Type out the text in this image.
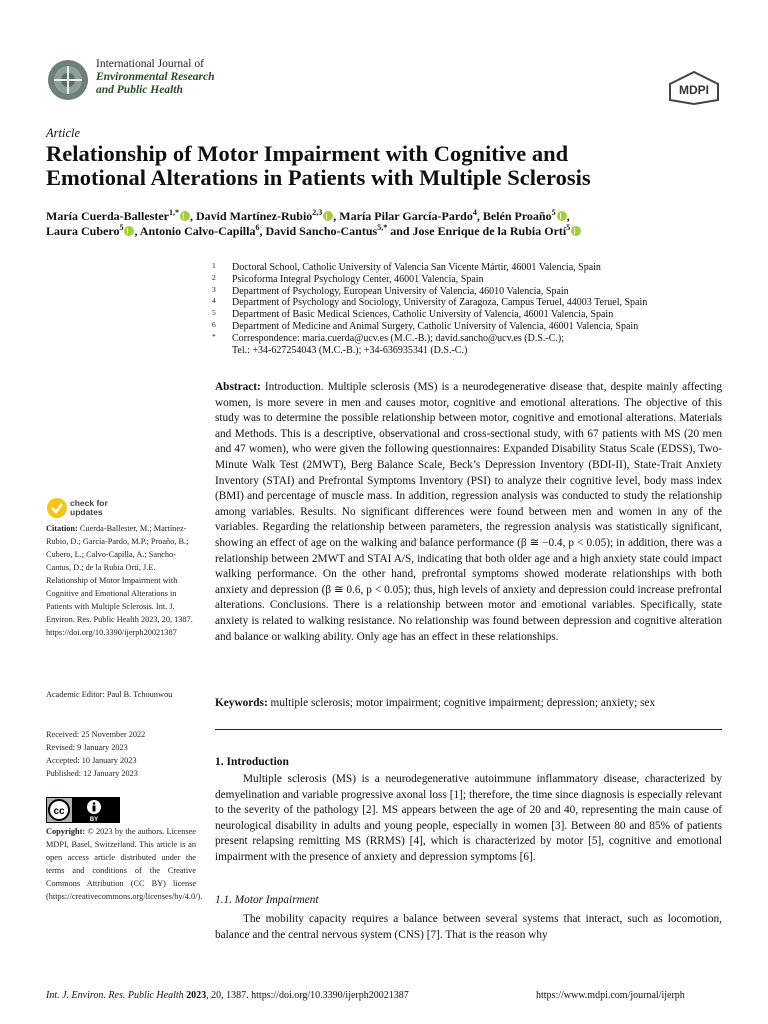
International Journal of
Environmental Research
and Public Health	MDPI
Article
Relationship of Motor Impairment with Cognitive and
Emotional Alterations in Patients with Multiple Sclerosis
María Cuerda-Ballester$^{1,*}$ , David Martínez-Rubio$^{2,3}$ , María Pilar García-Pardo$^4$, Belén Proaño$^5$ ,
Laura Cubero$^5$ , Antonio Calvo-Capilla$^6$, David Sancho-Cantus$^{5,*}$ and Jose Enrique de la Rubia Ortí$^5$
1 Doctoral School, Catholic University of Valencia San Vicente Mártir, 46001 Valencia, Spain
2 Psicoforma Integral Psychology Center, 46001 Valencia, Spain
3 Department of Psychology, European University of Valencia, 46010 Valencia, Spain
4 Department of Psychology and Sociology, University of Zaragoza, Campus Teruel, 44003 Teruel, Spain
5 Department of Basic Medical Sciences, Catholic University of Valencia, 46001 Valencia, Spain
6 Department of Medicine and Animal Surgery, Catholic University of Valencia, 46001 Valencia, Spain
* Correspondence: maria.cuerda@ucv.es (M.C.-B.); david.sancho@ucv.es (D.S.-C.);
Tel.: +34-627254043 (M.C.-B.); +34-636935341 (D.S.-C.)
Abstract: Introduction. Multiple sclerosis (MS) is a neurodegenerative disease that, despite mainly affecting women, is more severe in men and causes motor, cognitive and emotional alterations. The objective of this study was to determine the possible relationship between motor, cognitive and emotional alterations. Materials and Methods. This is a descriptive, observational and cross-sectional study, with 67 patients with MS (20 men and 47 women), who were given the following questionnaires: Expanded Disability Status Scale (EDSS), Two-Minute Walk Test (2MWT), Berg Balance Scale, Beck’s Depression Inventory (BDI-II), State-Trait Anxiety Inventory (STAI) and Prefrontal Symptoms Inventory (PSI) to analyze their cognitive level, body mass index (BMI) and percentage of muscle mass. In addition, regression analysis was conducted to study the relationship among variables. Results. No significant differences were found between men and women in any of the variables. Regarding the relationship between parameters, the regression analysis was statistically significant, showing an effect of age on the walking and balance performance (β ≅ −0.4, p < 0.05); in addition, there was a relationship between 2MWT and STAI A/S, indicating that both older age and a high anxiety state could impact walking performance. On the other hand, prefrontal symptoms showed moderate relationships with both anxiety and depression (β ≅ 0.6, p < 0.05); thus, high levels of anxiety and depression could increase prefrontal alterations. Conclusions. There is a relationship between motor and emotional variables. Specifically, state anxiety is related to walking resistance. No relationship was found between depression and cognitive alteration and balance or walking ability. Only age has an effect in these relationships.
Keywords: multiple sclerosis; motor impairment; cognitive impairment; depression; anxiety; sex
1. Introduction
Multiple sclerosis (MS) is a neurodegenerative autoimmune inflammatory disease, characterized by demyelination and variable progressive axonal loss [1]; therefore, the time since diagnosis is especially relevant to the severity of the pathology [2]. MS appears between the age of 20 and 40, representing the main cause of neurological disability in adults and young people, especially in women [3]. Between 80 and 85% of patients present relapsing remitting MS (RRMS) [4], which is characterized by motor [5], cognitive and emotional impairment with the presence of anxiety and depression symptoms [6].
1.1. Motor Impairment
The mobility capacity requires a balance between several systems that interact, such as locomotion, balance and the central nervous system (CNS) [7]. That is the reason why
check for
updates
Citation: Cuerda-Ballester, M.; Martínez-Rubio, D.; García-Pardo, M.P.; Proaño, B.; Cubero, L.; Calvo-Capilla, A.; Sancho-Cantus, D.; de la Rubia Ortí, J.E. Relationship of Motor Impairment with Cognitive and Emotional Alterations in Patients with Multiple Sclerosis. Int. J. Environ. Res. Public Health 2023, 20, 1387. https://doi.org/10.3390/ijerph20021387
Academic Editor: Paul B. Tchounwou
Received: 25 November 2022
Revised: 9 January 2023
Accepted: 10 January 2023
Published: 12 January 2023
cc
BY
Copyright: © 2023 by the authors. Licensee MDPI, Basel, Switzerland. This article is an open access article distributed under the terms and conditions of the Creative Commons Attribution (CC BY) license (https://creativecommons.org/licenses/by/4.0/).
Int. J. Environ. Res. Public Health 2023, 20, 1387. https://doi.org/10.3390/ijerph20021387	https://www.mdpi.com/journal/ijerph
